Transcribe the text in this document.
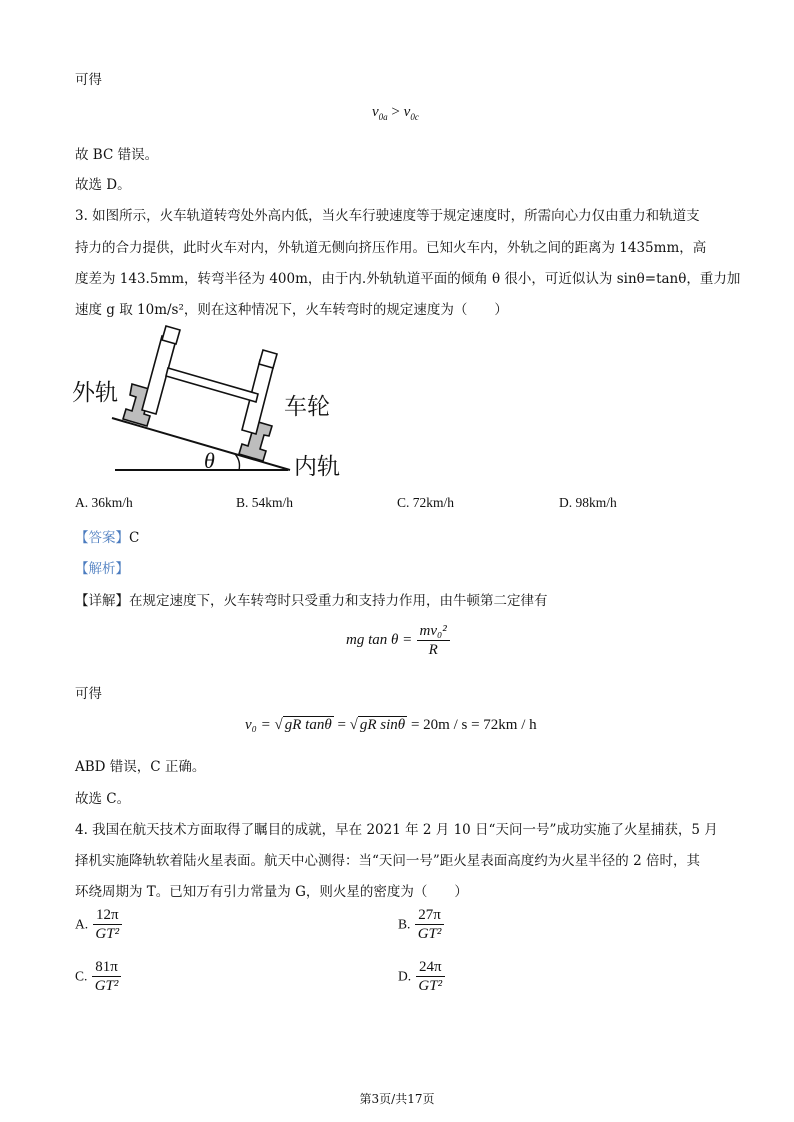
可得
$v_{0a} > v_{0c}$
故 BC 错误。
故选 D。
3. 如图所示，火车轨道转弯处外高内低，当火车行驶速度等于规定速度时，所需向心力仅由重力和轨道支
持力的合力提供，此时火车对内，外轨道无侧向挤压作用。已知火车内，外轨之间的距离为 1435mm，高
度差为 143.5mm，转弯半径为 400m，由于内.外轨轨道平面的倾角 θ 很小，可近似认为 sinθ=tanθ，重力加
速度 g 取 10m/s²，则在这种情况下，火车转弯时的规定速度为（　　）
外轨
车轮
内轨
θ
A. 36km/h	B. 54km/h	C. 72km/h	D. 98km/h
【答案】C
【解析】
【详解】在规定速度下，火车转弯时只受重力和支持力作用，由牛顿第二定律有
mg $\tan \theta = \frac{\text{mv₀²}}{R}$
可得
v₀ = √ gR tanθ = √ gR sinθ = 20m / s = 72km / h
ABD 错误，C 正确。
故选 C。
4. 我国在航天技术方面取得了瞩目的成就，早在 2021 年 2 月 10 日“天问一号”成功实施了火星捕获，5 月
择机实施降轨软着陆火星表面。航天中心测得：当“天问一号”距火星表面高度约为火星半径的 2 倍时，其
环绕周期为 T。已知万有引力常量为 G，则火星的密度为（　　）
A. $\frac{12\pi}{\text{GT²}}$	B. $\frac{27\pi}{\text{GT²}}$
C. $\frac{81\pi}{\text{GT²}}$	D. $\frac{24\pi}{\text{GT²}}$
第3页/共17页
